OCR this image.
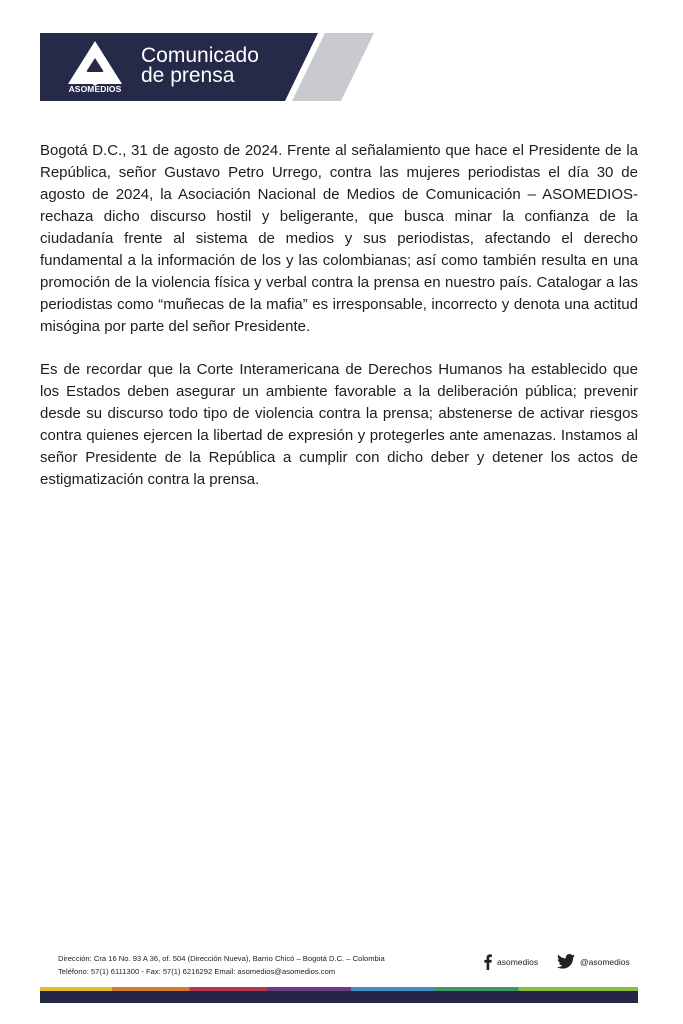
ASOMEDIOS
Comunicado
de prensa

Bogotá D.C., 31 de agosto de 2024. Frente al señalamiento que hace el Presidente de la República, señor Gustavo Petro Urrego, contra las mujeres periodistas el día 30 de agosto de 2024, la Asociación Nacional de Medios de Comunicación – ASOMEDIOS- rechaza dicho discurso hostil y beligerante, que busca minar la confianza de la ciudadanía frente al sistema de medios y sus periodistas, afectando el derecho fundamental a la información de los y las colombianas; así como también resulta en una promoción de la violencia física y verbal contra la prensa en nuestro país. Catalogar a las periodistas como “muñecas de la mafia” es irresponsable, incorrecto y denota una actitud misógina por parte del señor Presidente.

Es de recordar que la Corte Interamericana de Derechos Humanos ha establecido que los Estados deben asegurar un ambiente favorable a la deliberación pública; prevenir desde su discurso todo tipo de violencia contra la prensa; abstenerse de activar riesgos contra quienes ejercen la libertad de expresión y protegerles ante amenazas. Instamos al señor Presidente de la República a cumplir con dicho deber y detener los actos de estigmatización contra la prensa.

Dirección: Cra 16 No. 93 A 36, of. 504 (Dirección Nueva), Barrio Chicó – Bogotá D.C. – Colombia
Teléfono: 57(1) 6111300 - Fax: 57(1) 6216292 Email: asomedios@asomedios.com
asomedios	@asomedios
